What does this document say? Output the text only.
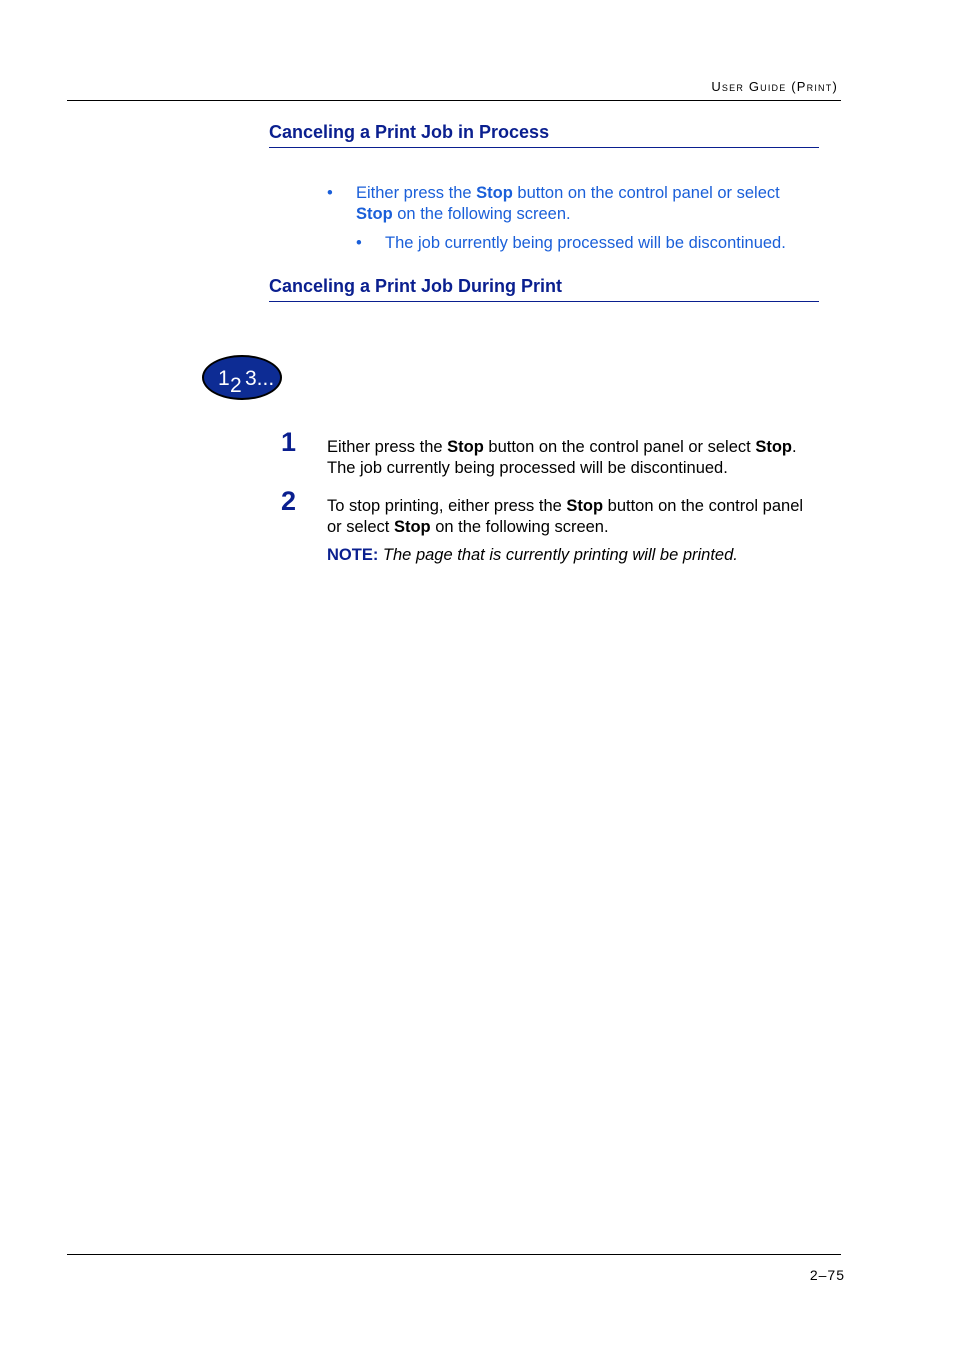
User Guide (Print)
Canceling a Print Job in Process
• Either press the Stop button on the control panel or select
Stop on the following screen.
• The job currently being processed will be discontinued.
Canceling a Print Job During Print
1 2 3...
1 Either press the Stop button on the control panel or select Stop.
The job currently being processed will be discontinued.
2 To stop printing, either press the Stop button on the control panel
or select Stop on the following screen.
NOTE: The page that is currently printing will be printed.
2–75
